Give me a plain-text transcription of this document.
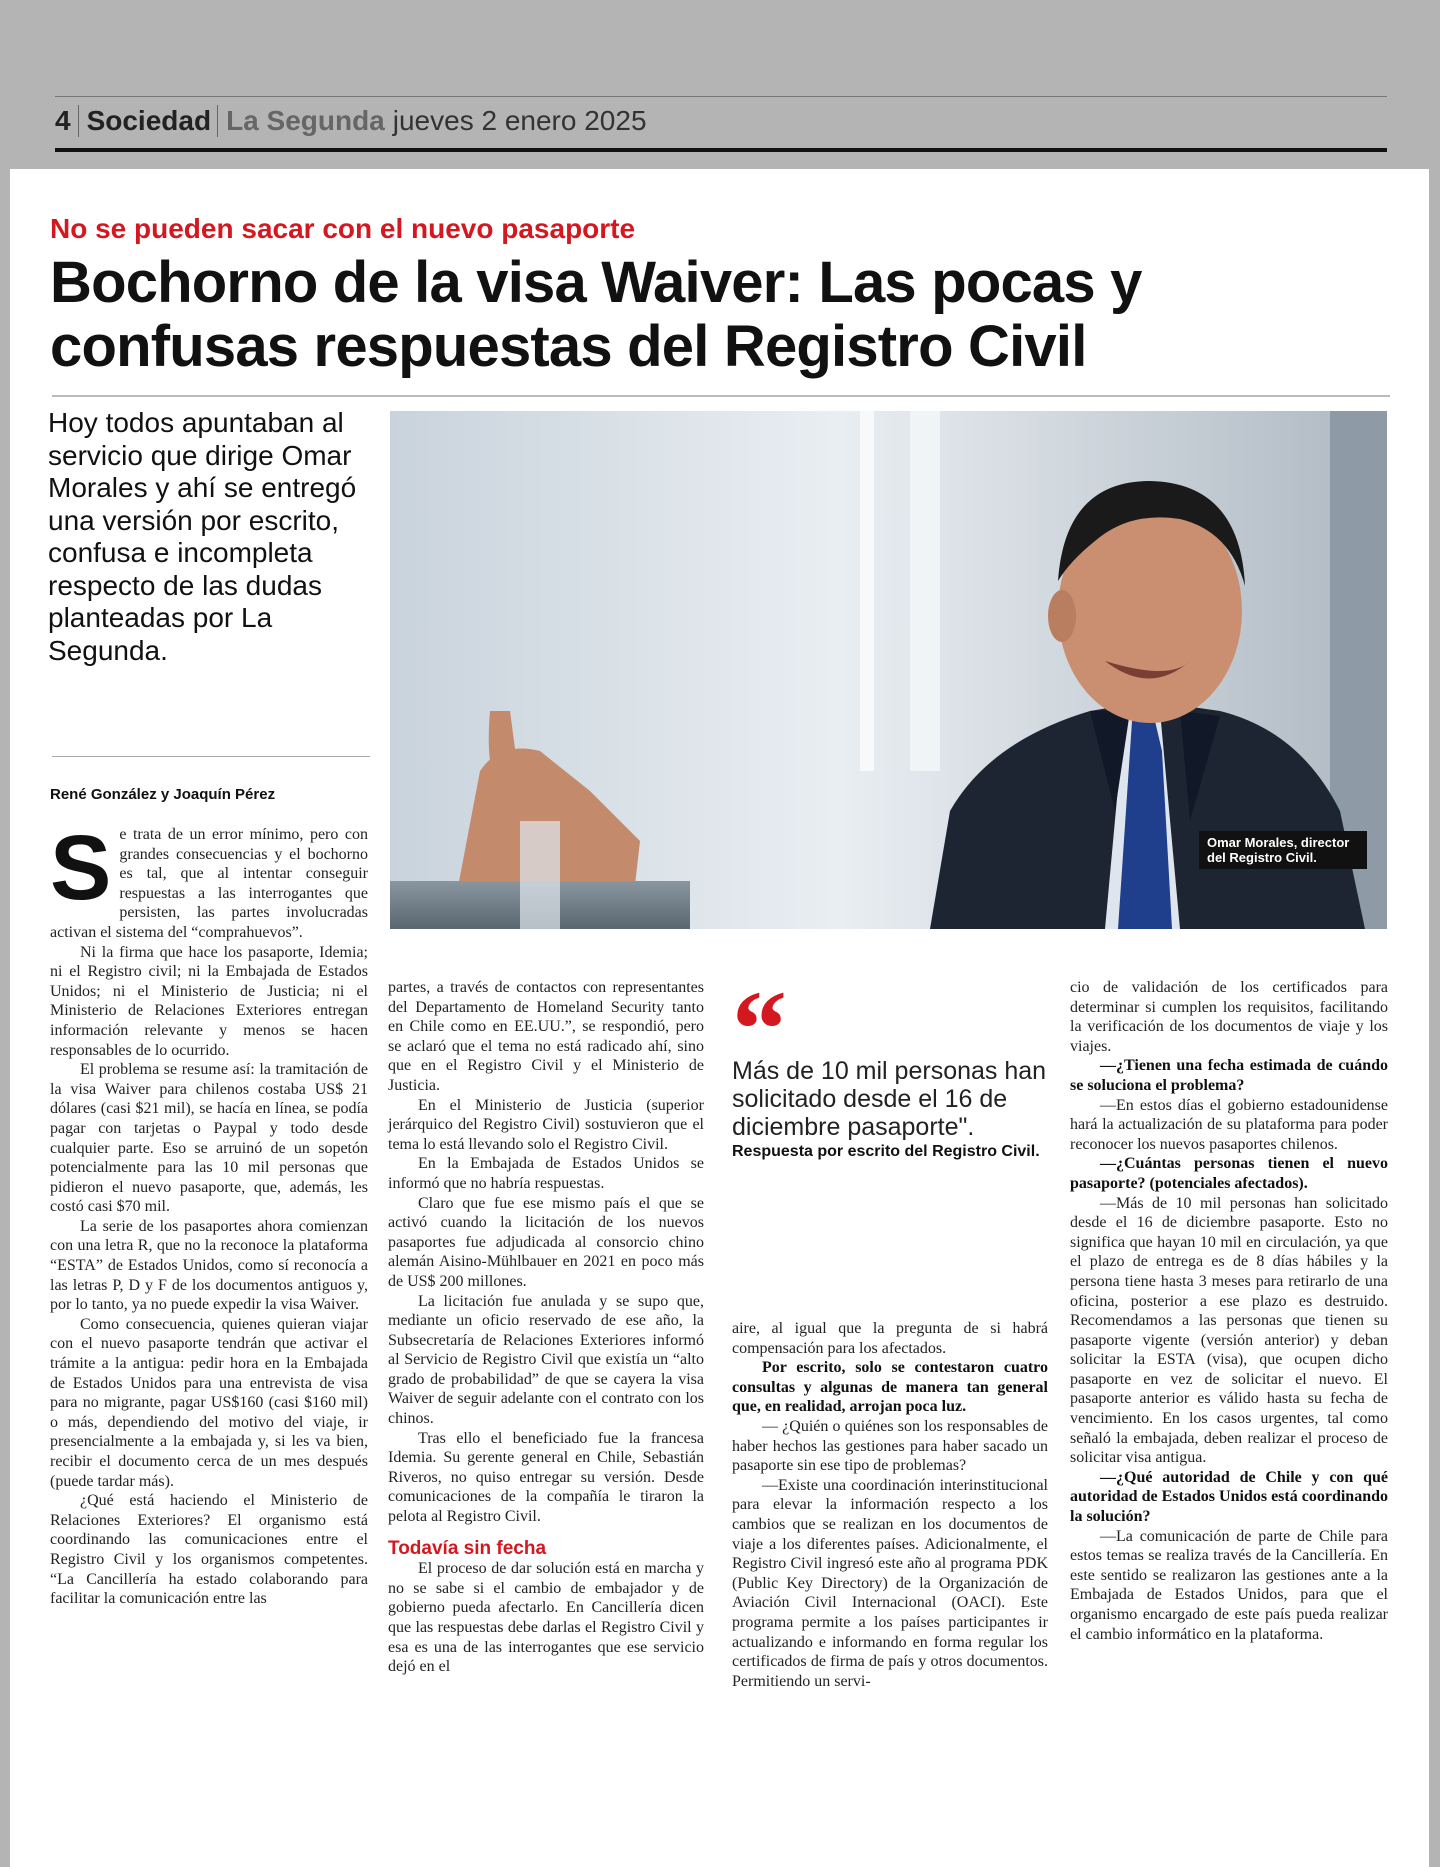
4 Sociedad La Segunda jueves 2 enero 2025
No se pueden sacar con el nuevo pasaporte
Bochorno de la visa Waiver: Las pocas y confusas respuestas del Registro Civil
Hoy todos apuntaban al servicio que dirige Omar Morales y ahí se entregó una versión por escrito, confusa e incompleta respecto de las dudas planteadas por La Segunda.
René González y Joaquín Pérez
Omar Morales, director del Registro Civil.

Se trata de un error mínimo, pero con grandes consecuencias y el bochorno es tal, que al intentar conseguir respuestas a las interrogantes que persisten, las partes involucradas activan el sistema del “comprahuevos”.

Ni la firma que hace los pasaporte, Idemia; ni el Registro civil; ni la Embajada de Estados Unidos; ni el Ministerio de Justicia; ni el Ministerio de Relaciones Exteriores entregan información relevante y menos se hacen responsables de lo ocurrido.

El problema se resume así: la tramitación de la visa Waiver para chilenos costaba US$ 21 dólares (casi $21 mil), se hacía en línea, se podía pagar con tarjetas o Paypal y todo desde cualquier parte. Eso se arruinó de un sopetón potencialmente para las 10 mil personas que pidieron el nuevo pasaporte, que, además, les costó casi $70 mil.

La serie de los pasaportes ahora comienzan con una letra R, que no la reconoce la plataforma “ESTA” de Estados Unidos, como sí reconocía a las letras P, D y F de los documentos antiguos y, por lo tanto, ya no puede expedir la visa Waiver.

Como consecuencia, quienes quieran viajar con el nuevo pasaporte tendrán que activar el trámite a la antigua: pedir hora en la Embajada de Estados Unidos para una entrevista de visa para no migrante, pagar US$160 (casi $160 mil) o más, dependiendo del motivo del viaje, ir presencialmente a la embajada y, si les va bien, recibir el documento cerca de un mes después (puede tardar más).

¿Qué está haciendo el Ministerio de Relaciones Exteriores? El organismo está coordinando las comunicaciones entre el Registro Civil y los organismos competentes. “La Cancillería ha estado colaborando para facilitar la comunicación entre las

partes, a través de contactos con representantes del Departamento de Homeland Security tanto en Chile como en EE.UU.”, se respondió, pero se aclaró que el tema no está radicado ahí, sino que en el Registro Civil y el Ministerio de Justicia.

En el Ministerio de Justicia (superior jerárquico del Registro Civil) sostuvieron que el tema lo está llevando solo el Registro Civil.

En la Embajada de Estados Unidos se informó que no habría respuestas.

Claro que fue ese mismo país el que se activó cuando la licitación de los nuevos pasaportes fue adjudicada al consorcio chino alemán Aisino-Mühlbauer en 2021 en poco más de US$ 200 millones.

La licitación fue anulada y se supo que, mediante un oficio reservado de ese año, la Subsecretaría de Relaciones Exteriores informó al Servicio de Registro Civil que existía un “alto grado de probabilidad” de que se cayera la visa Waiver de seguir adelante con el contrato con los chinos.

Tras ello el beneficiado fue la francesa Idemia. Su gerente general en Chile, Sebastián Riveros, no quiso entregar su versión. Desde comunicaciones de la compañía le tiraron la pelota al Registro Civil.

Todavía sin fecha

El proceso de dar solución está en marcha y no se sabe si el cambio de embajador y de gobierno pueda afectarlo. En Cancillería dicen que las respuestas debe darlas el Registro Civil y esa es una de las interrogantes que ese servicio dejó en el

“
Más de 10 mil personas han solicitado desde el 16 de diciembre pasaporte".
Respuesta por escrito del Registro Civil.

aire, al igual que la pregunta de si habrá compensación para los afectados.

Por escrito, solo se contestaron cuatro consultas y algunas de manera tan general que, en realidad, arrojan poca luz.

— ¿Quién o quiénes son los responsables de haber hechos las gestiones para haber sacado un pasaporte sin ese tipo de problemas?

—Existe una coordinación interinstitucional para elevar la información respecto a los cambios que se realizan en los documentos de viaje a los diferentes países. Adicionalmente, el Registro Civil ingresó este año al programa PDK (Public Key Directory) de la Organización de Aviación Civil Internacional (OACI). Este programa permite a los países participantes ir actualizando e informando en forma regular los certificados de firma de país y otros documentos. Permitiendo un servi-

cio de validación de los certificados para determinar si cumplen los requisitos, facilitando la verificación de los documentos de viaje y los viajes.

—¿Tienen una fecha estimada de cuándo se soluciona el problema?

—En estos días el gobierno estadounidense hará la actualización de su plataforma para poder reconocer los nuevos pasaportes chilenos.

—¿Cuántas personas tienen el nuevo pasaporte? (potenciales afectados).

—Más de 10 mil personas han solicitado desde el 16 de diciembre pasaporte. Esto no significa que hayan 10 mil en circulación, ya que el plazo de entrega es de 8 días hábiles y la persona tiene hasta 3 meses para retirarlo de una oficina, posterior a ese plazo es destruido. Recomendamos a las personas que tienen su pasaporte vigente (versión anterior) y deban solicitar la ESTA (visa), que ocupen dicho pasaporte en vez de solicitar el nuevo. El pasaporte anterior es válido hasta su fecha de vencimiento. En los casos urgentes, tal como señaló la embajada, deben realizar el proceso de solicitar visa antigua.

—¿Qué autoridad de Chile y con qué autoridad de Estados Unidos está coordinando la solución?

—La comunicación de parte de Chile para estos temas se realiza través de la Cancillería. En este sentido se realizaron las gestiones ante a la Embajada de Estados Unidos, para que el organismo encargado de este país pueda realizar el cambio informático en la plataforma.
